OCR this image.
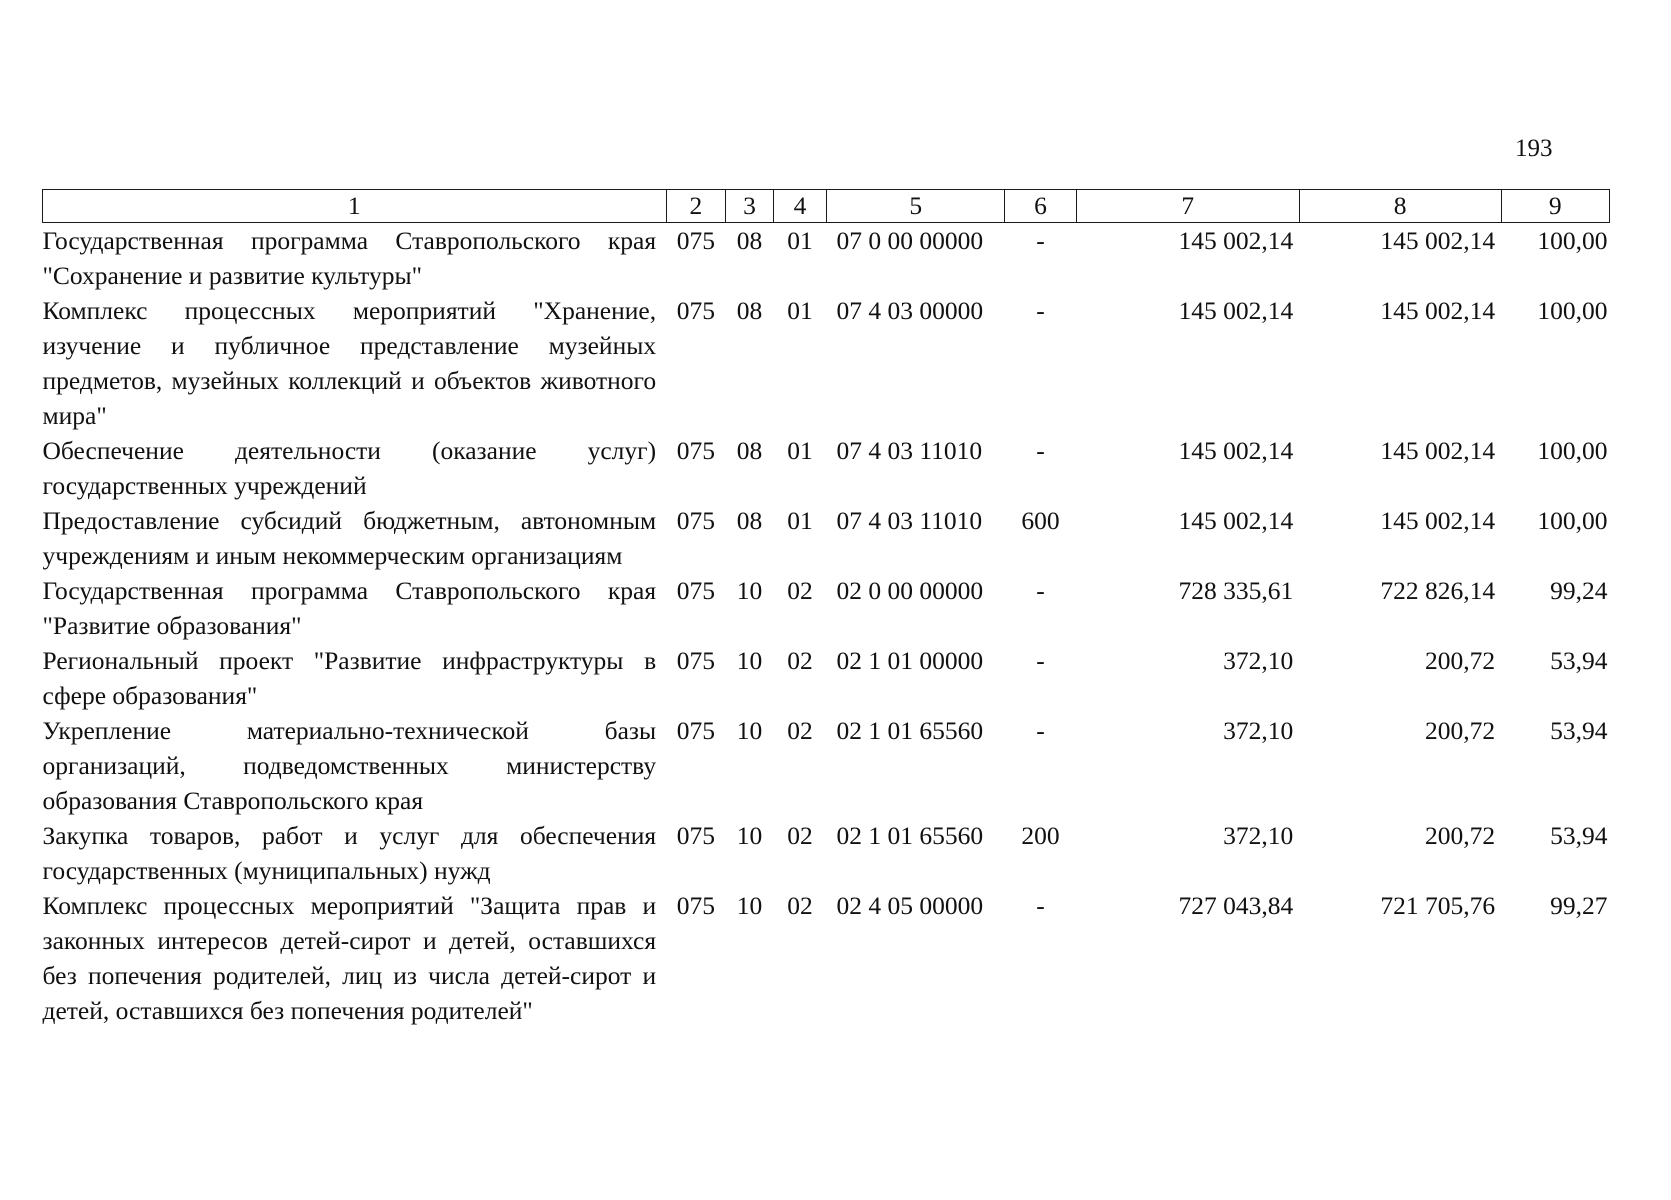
193
1	2	3	4	5	6	7	8	9
Государственная программа Ставропольского края "Сохранение и развитие культуры"	075	08	01	07 0 00 00000	-	145 002,14	145 002,14	100,00
Комплекс процессных мероприятий "Хранение, изучение и публичное представление музейных предметов, музейных коллекций и объектов животного мира"	075	08	01	07 4 03 00000	-	145 002,14	145 002,14	100,00
Обеспечение деятельности (оказание услуг) государственных учреждений	075	08	01	07 4 03 11010	-	145 002,14	145 002,14	100,00
Предоставление субсидий бюджетным, автономным учреждениям и иным некоммерческим организациям	075	08	01	07 4 03 11010	600	145 002,14	145 002,14	100,00
Государственная программа Ставропольского края "Развитие образования"	075	10	02	02 0 00 00000	-	728 335,61	722 826,14	99,24
Региональный проект "Развитие инфраструктуры в сфере образования"	075	10	02	02 1 01 00000	-	372,10	200,72	53,94
Укрепление материально-технической базы организаций, подведомственных министерству образования Ставропольского края	075	10	02	02 1 01 65560	-	372,10	200,72	53,94
Закупка товаров, работ и услуг для обеспечения государственных (муниципальных) нужд	075	10	02	02 1 01 65560	200	372,10	200,72	53,94
Комплекс процессных мероприятий "Защита прав и законных интересов детей-сирот и детей, оставшихся без попечения родителей, лиц из числа детей-сирот и детей, оставшихся без попечения родителей"	075	10	02	02 4 05 00000	-	727 043,84	721 705,76	99,27
